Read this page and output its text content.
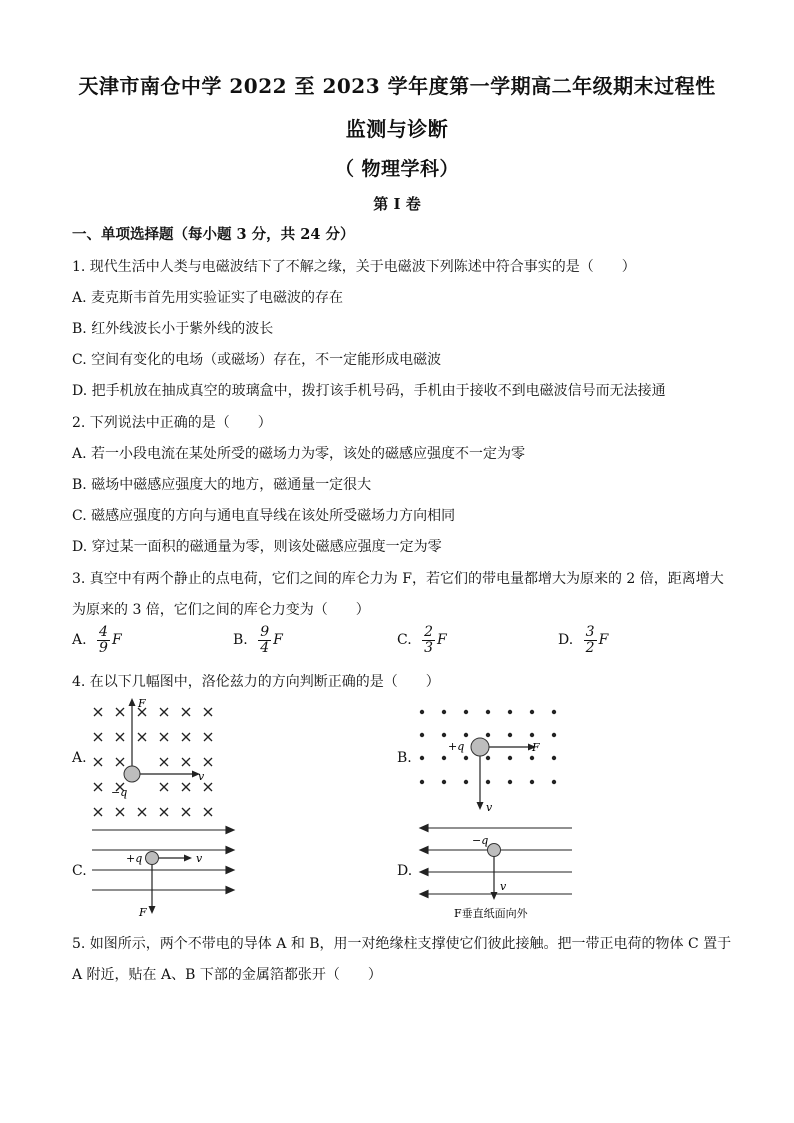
天津市南仓中学 2022 至 2023 学年度第一学期高二年级期末过程性
监测与诊断
（ 物理学科）
第 I 卷
一、单项选择题（每小题 3 分，共 24 分）
1. 现代生活中人类与电磁波结下了不解之缘，关于电磁波下列陈述中符合事实的是（　　）
A. 麦克斯韦首先用实验证实了电磁波的存在
B. 红外线波长小于紫外线的波长
C. 空间有变化的电场（或磁场）存在，不一定能形成电磁波
D. 把手机放在抽成真空的玻璃盒中，拨打该手机号码，手机由于接收不到电磁波信号而无法接通
2. 下列说法中正确的是（　　）
A. 若一小段电流在某处所受的磁场力为零，该处的磁感应强度不一定为零
B. 磁场中磁感应强度大的地方，磁通量一定很大
C. 磁感应强度的方向与通电直导线在该处所受磁场力方向相同
D. 穿过某一面积的磁通量为零，则该处磁感应强度一定为零
3. 真空中有两个静止的点电荷，它们之间的库仑力为 F，若它们的带电量都增大为原来的 2 倍，距离增大
为原来的 3 倍，它们之间的库仑力变为（　　）
A. $\frac{4}{9}$ F	B. $\frac{9}{4}$ F	C. $\frac{2}{3}$ F	D. $\frac{3}{2}$ F
4. 在以下几幅图中，洛伦兹力的方向判断正确的是（　　）
A.
F
v
−q
B.
+q	F
v
C.
+q	v
F
D.
−q
v
F垂直纸面向外
5. 如图所示，两个不带电的导体 A 和 B，用一对绝缘柱支撑使它们彼此接触。把一带正电荷的物体 C 置于
A 附近，贴在 A、B 下部的金属箔都张开（　　）
